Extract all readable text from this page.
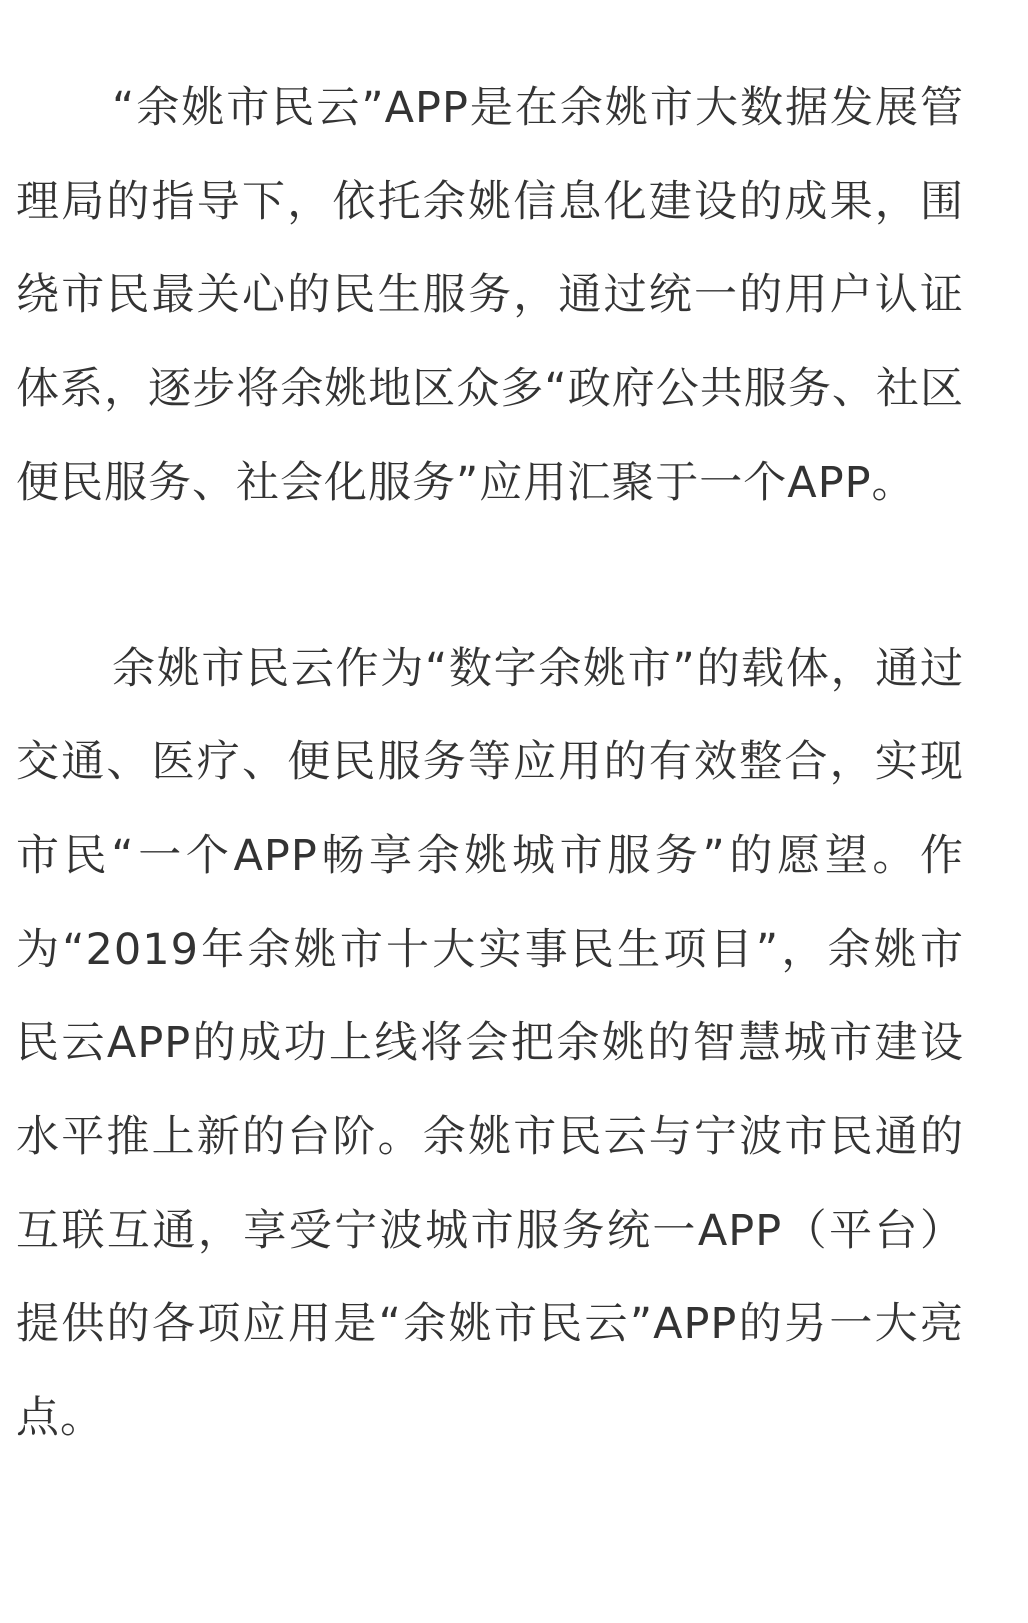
“余姚市民云”APP是在余姚市大数据发展管理局的指导下，依托余姚信息化建设的成果，围绕市民最关心的民生服务，通过统一的用户认证体系，逐步将余姚地区众多“政府公共服务、社区便民服务、社会化服务”应用汇聚于一个APP。

余姚市民云作为“数字余姚市”的载体，通过交通、医疗、便民服务等应用的有效整合，实现市民“一个APP畅享余姚城市服务”的愿望。作为“2019年余姚市十大实事民生项目”，余姚市民云APP的成功上线将会把余姚的智慧城市建设水平推上新的台阶。余姚市民云与宁波市民通的互联互通，享受宁波城市服务统一APP（平台）提供的各项应用是“余姚市民云”APP的另一大亮点。
